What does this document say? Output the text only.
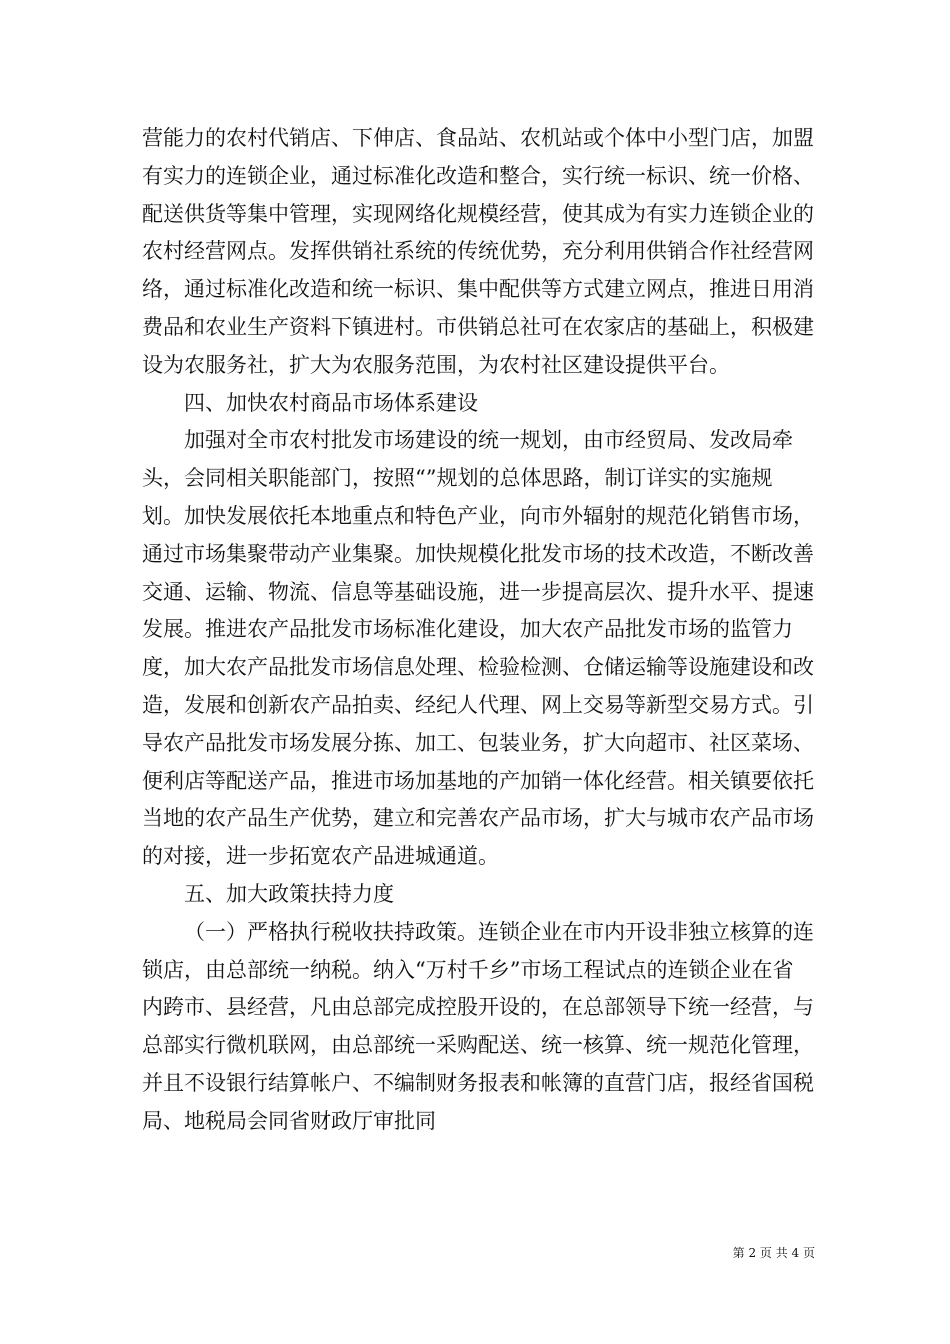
营能力的农村代销店、下伸店、食品站、农机站或个体中小型门店，加盟有实力的连锁企业，通过标准化改造和整合，实行统一标识、统一价格、配送供货等集中管理，实现网络化规模经营，使其成为有实力连锁企业的农村经营网点。发挥供销社系统的传统优势，充分利用供销合作社经营网络，通过标准化改造和统一标识、集中配供等方式建立网点，推进日用消费品和农业生产资料下镇进村。市供销总社可在农家店的基础上，积极建设为农服务社，扩大为农服务范围，为农村社区建设提供平台。

四、加快农村商品市场体系建设

加强对全市农村批发市场建设的统一规划，由市经贸局、发改局牵头，会同相关职能部门，按照“”规划的总体思路，制订详实的实施规划。加快发展依托本地重点和特色产业，向市外辐射的规范化销售市场，通过市场集聚带动产业集聚。加快规模化批发市场的技术改造，不断改善交通、运输、物流、信息等基础设施，进一步提高层次、提升水平、提速发展。推进农产品批发市场标准化建设，加大农产品批发市场的监管力度，加大农产品批发市场信息处理、检验检测、仓储运输等设施建设和改造，发展和创新农产品拍卖、经纪人代理、网上交易等新型交易方式。引导农产品批发市场发展分拣、加工、包装业务，扩大向超市、社区菜场、便利店等配送产品，推进市场加基地的产加销一体化经营。相关镇要依托当地的农产品生产优势，建立和完善农产品市场，扩大与城市农产品市场的对接，进一步拓宽农产品进城通道。

五、加大政策扶持力度

（一）严格执行税收扶持政策。连锁企业在市内开设非独立核算的连锁店，由总部统一纳税。纳入“万村千乡”市场工程试点的连锁企业在省内跨市、县经营，凡由总部完成控股开设的，在总部领导下统一经营，与总部实行微机联网，由总部统一采购配送、统一核算、统一规范化管理，并且不设银行结算帐户、不编制财务报表和帐簿的直营门店，报经省国税局、地税局会同省财政厅审批同

第 2 页 共 4 页
